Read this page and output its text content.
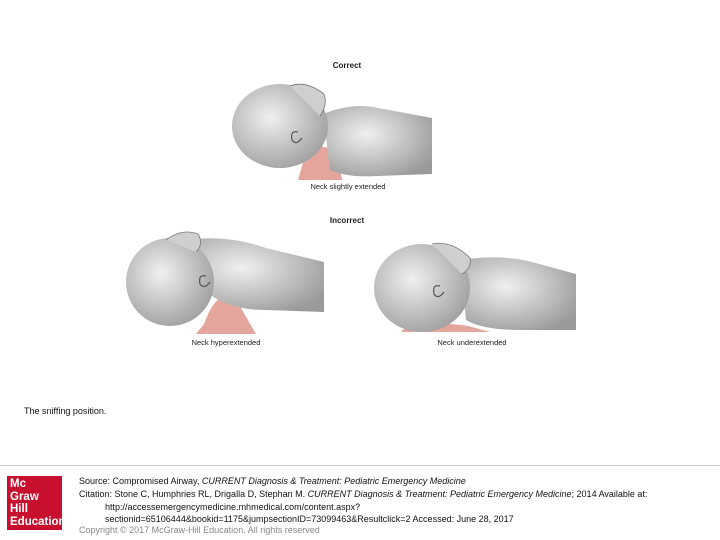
Correct
Incorrect
Neck slightly extended
Neck hyperextended	Neck underextended
The sniffing position.
Mc
Graw
Hill
Education
Source: Compromised Airway, CURRENT Diagnosis & Treatment: Pediatric Emergency Medicine
Citation: Stone C, Humphries RL, Drigalla D, Stephan M. CURRENT Diagnosis & Treatment: Pediatric Emergency Medicine; 2014 Available at:
http://accessemergencymedicine.mhmedical.com/content.aspx?
sectionid=65106444&bookid=1175&jumpsectionID=73099463&Resultclick=2 Accessed: June 28, 2017
Copyright © 2017 McGraw-Hill Education. All rights reserved
